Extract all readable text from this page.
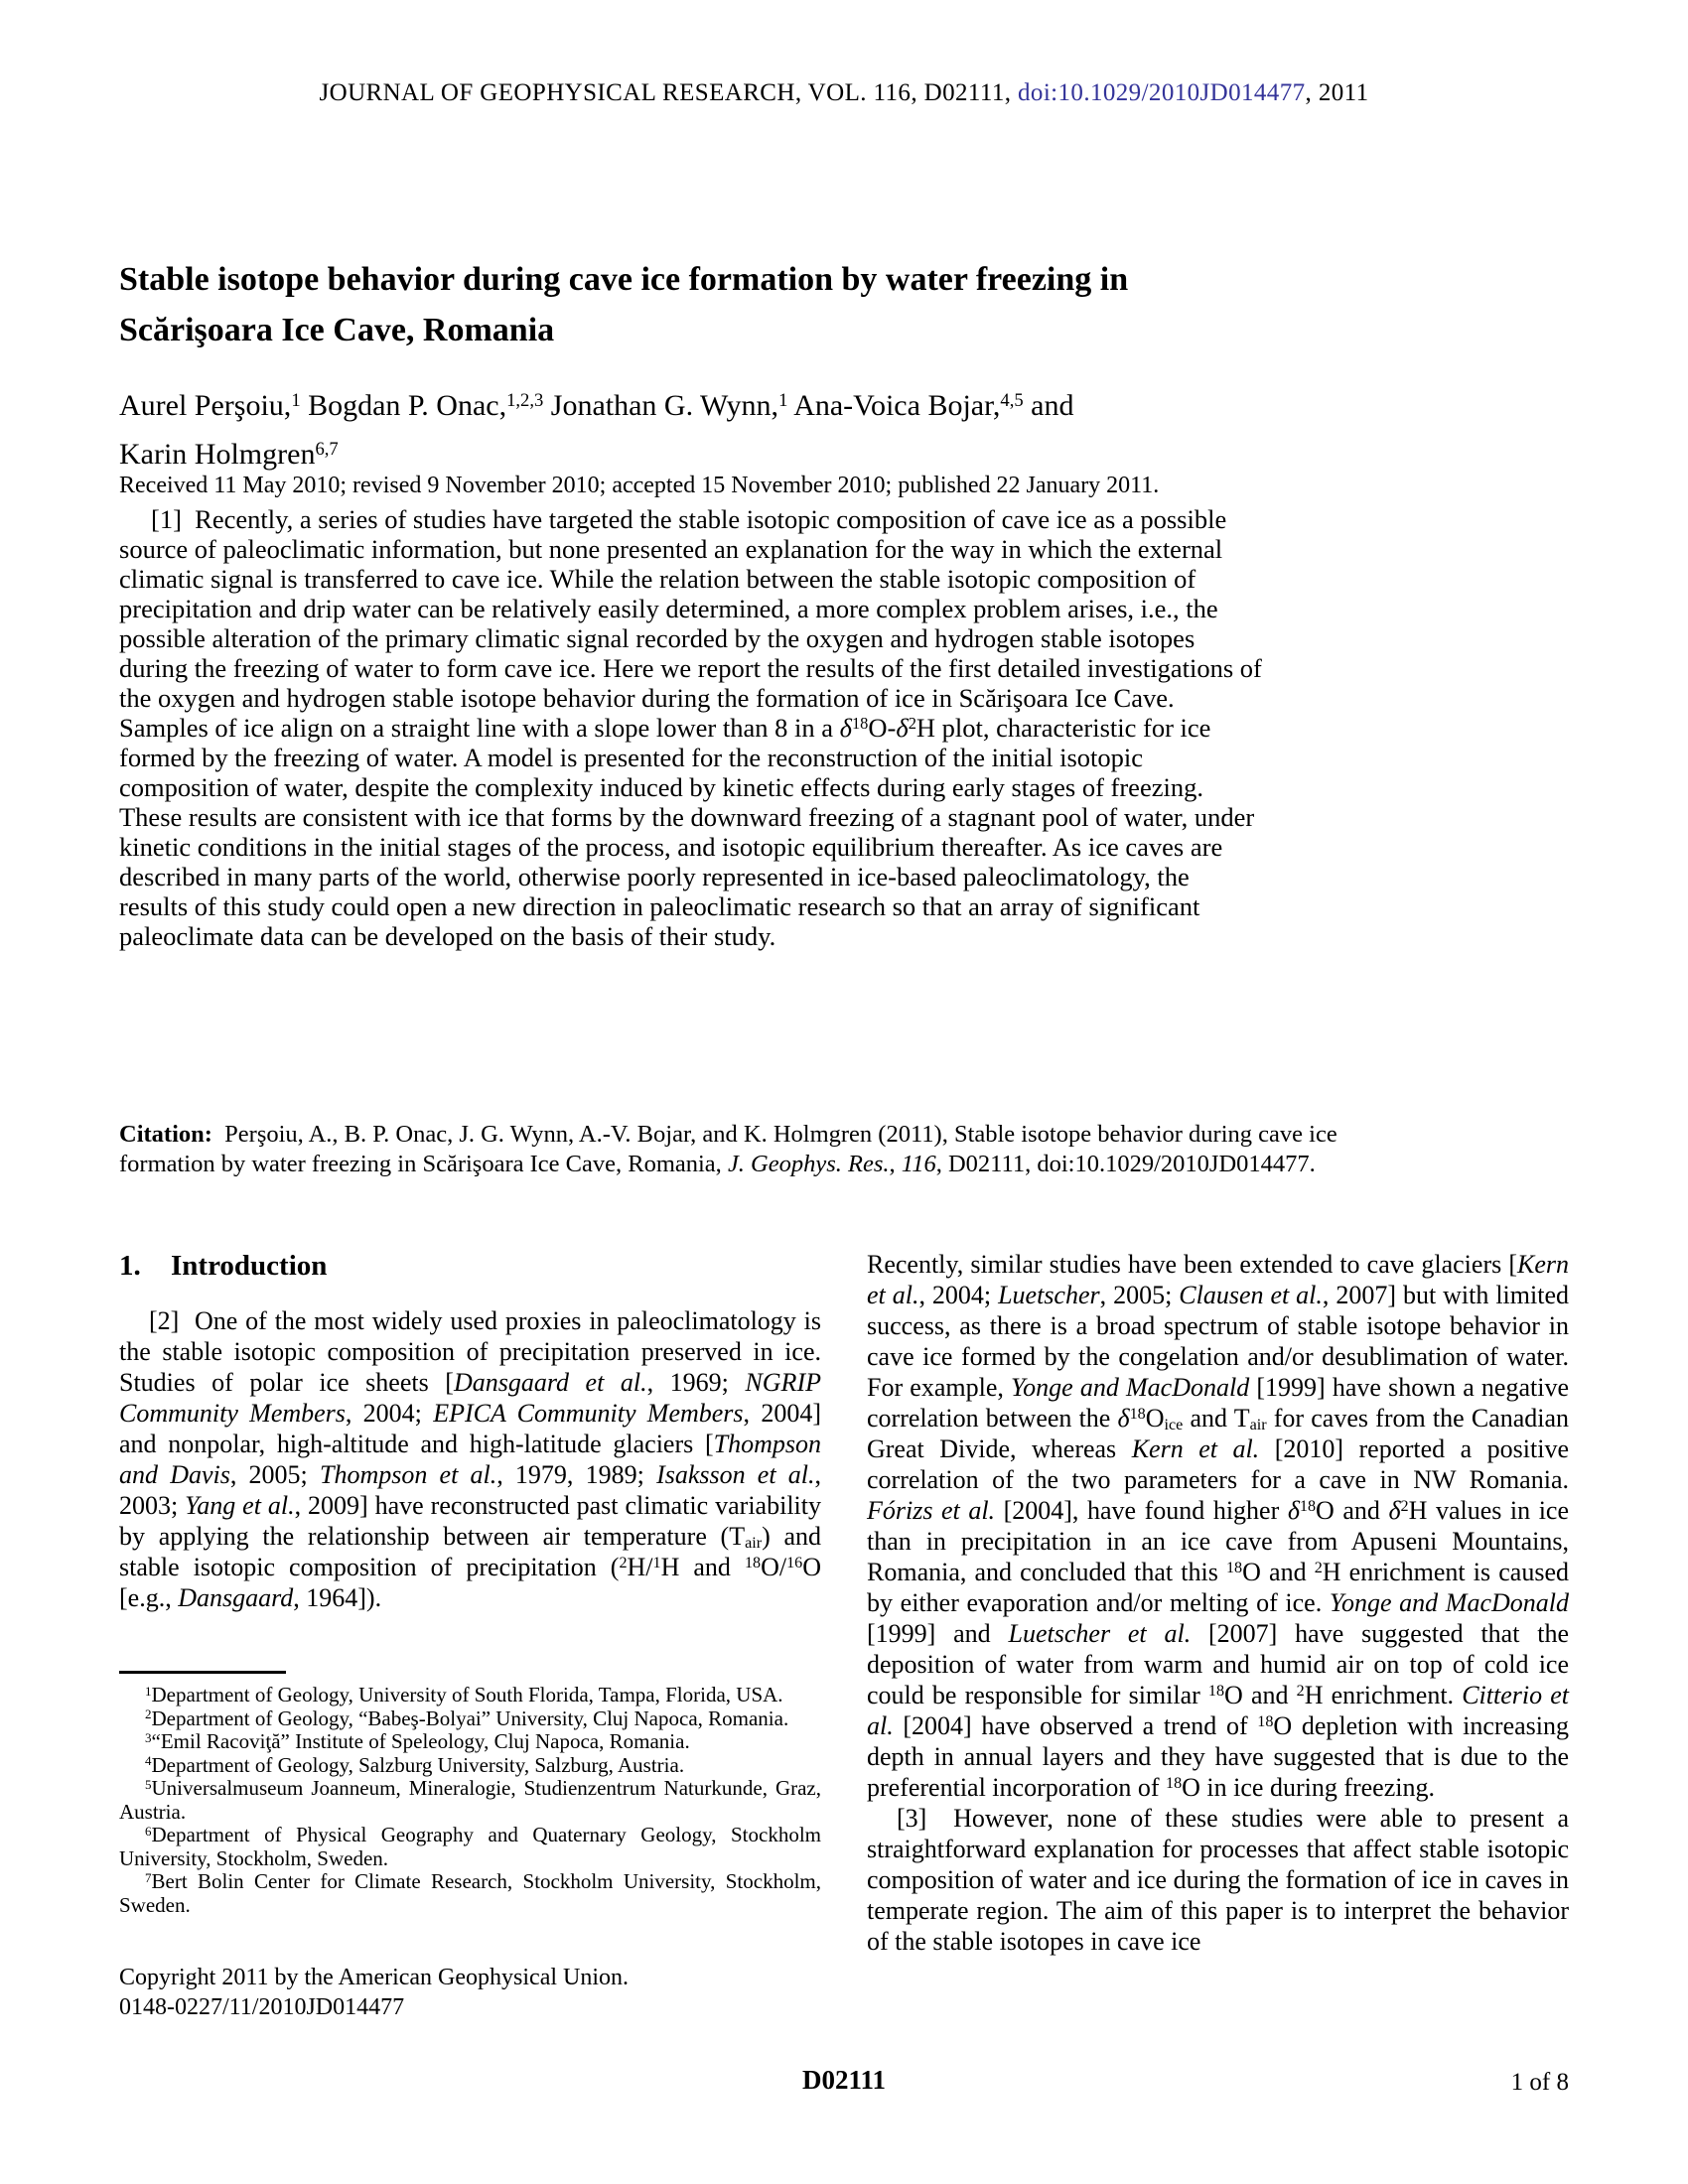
JOURNAL OF GEOPHYSICAL RESEARCH, VOL. 116, D02111, doi:10.1029/2010JD014477, 2011
Stable isotope behavior during cave ice formation by water freezing in Scărişoara Ice Cave, Romania
Aurel Perşoiu,$^1$ Bogdan P. Onac,$^{1,2,3}$ Jonathan G. Wynn,$^1$ Ana-Voica Bojar,$^{4,5}$ and Karin Holmgren$^{6,7}$
Received 11 May 2010; revised 9 November 2010; accepted 15 November 2010; published 22 January 2011.
[1]  Recently, a series of studies have targeted the stable isotopic composition of cave ice as a possible source of paleoclimatic information, but none presented an explanation for the way in which the external climatic signal is transferred to cave ice. While the relation between the stable isotopic composition of precipitation and drip water can be relatively easily determined, a more complex problem arises, i.e., the possible alteration of the primary climatic signal recorded by the oxygen and hydrogen stable isotopes during the freezing of water to form cave ice. Here we report the results of the first detailed investigations of the oxygen and hydrogen stable isotope behavior during the formation of ice in Scărişoara Ice Cave. Samples of ice align on a straight line with a slope lower than 8 in a $\delta^{18}O-\delta^2H$ plot, characteristic for ice formed by the freezing of water. A model is presented for the reconstruction of the initial isotopic composition of water, despite the complexity induced by kinetic effects during early stages of freezing. These results are consistent with ice that forms by the downward freezing of a stagnant pool of water, under kinetic conditions in the initial stages of the process, and isotopic equilibrium thereafter. As ice caves are described in many parts of the world, otherwise poorly represented in ice-based paleoclimatology, the results of this study could open a new direction in paleoclimatic research so that an array of significant paleoclimate data can be developed on the basis of their study.
Citation:  Perşoiu, A., B. P. Onac, J. G. Wynn, A.-V. Bojar, and K. Holmgren (2011), Stable isotope behavior during cave ice formation by water freezing in Scărişoara Ice Cave, Romania, J. Geophys. Res., 116, D02111, doi:10.1029/2010JD014477.
1. Introduction

[2]  One of the most widely used proxies in paleoclimatology is the stable isotopic composition of precipitation preserved in ice. Studies of polar ice sheets [Dansgaard et al., 1969; NGRIP Community Members, 2004; EPICA Community Members, 2004] and nonpolar, high-altitude and high-latitude glaciers [Thompson and Davis, 2005; Thompson et al., 1979, 1989; Isaksson et al., 2003; Yang et al., 2009] have reconstructed past climatic variability by applying the relationship between air temperature $(T_{air})$ and stable isotopic composition of precipitation ($^2$H/$^1$H and $^{18}$O/$^{16}$O [e.g., Dansgaard, 1964]).

$^1$Department of Geology, University of South Florida, Tampa, Florida, USA.
$^2$Department of Geology, “Babeş-Bolyai” University, Cluj Napoca, Romania.
$^3$“Emil Racoviţă” Institute of Speleology, Cluj Napoca, Romania.
$^4$Department of Geology, Salzburg University, Salzburg, Austria.
$^5$Universalmuseum Joanneum, Mineralogie, Studienzentrum Naturkunde, Graz, Austria.
$^6$Department of Physical Geography and Quaternary Geology, Stockholm University, Stockholm, Sweden.
$^7$Bert Bolin Center for Climate Research, Stockholm University, Stockholm, Sweden.
Copyright 2011 by the American Geophysical Union.
0148-0227/11/2010JD014477

Recently, similar studies have been extended to cave glaciers [Kern et al., 2004; Luetscher, 2005; Clausen et al., 2007] but with limited success, as there is a broad spectrum of stable isotope behavior in cave ice formed by the congelation and/or desublimation of water. For example, Yonge and MacDonald [1999] have shown a negative correlation between the $\delta^{18}O_{ice}$ and $T_{air}$ for caves from the Canadian Great Divide, whereas Kern et al. [2010] reported a positive correlation of the two parameters for a cave in NW Romania. Fórizs et al. [2004], have found higher $\delta^{18}O$ and $\delta^2H$ values in ice than in precipitation in an ice cave from Apuseni Mountains, Romania, and concluded that this $^{18}$O and $^2$H enrichment is caused by either evaporation and/or melting of ice. Yonge and MacDonald [1999] and Luetscher et al. [2007] have suggested that the deposition of water from warm and humid air on top of cold ice could be responsible for similar $^{18}$O and $^2$H enrichment. Citterio et al. [2004] have observed a trend of $^{18}$O depletion with increasing depth in annual layers and they have suggested that is due to the preferential incorporation of $^{18}$O in ice during freezing.

[3]  However, none of these studies were able to present a straightforward explanation for processes that affect stable isotopic composition of water and ice during the formation of ice in caves in temperate region. The aim of this paper is to interpret the behavior of the stable isotopes in cave ice

D02111	1 of 8
